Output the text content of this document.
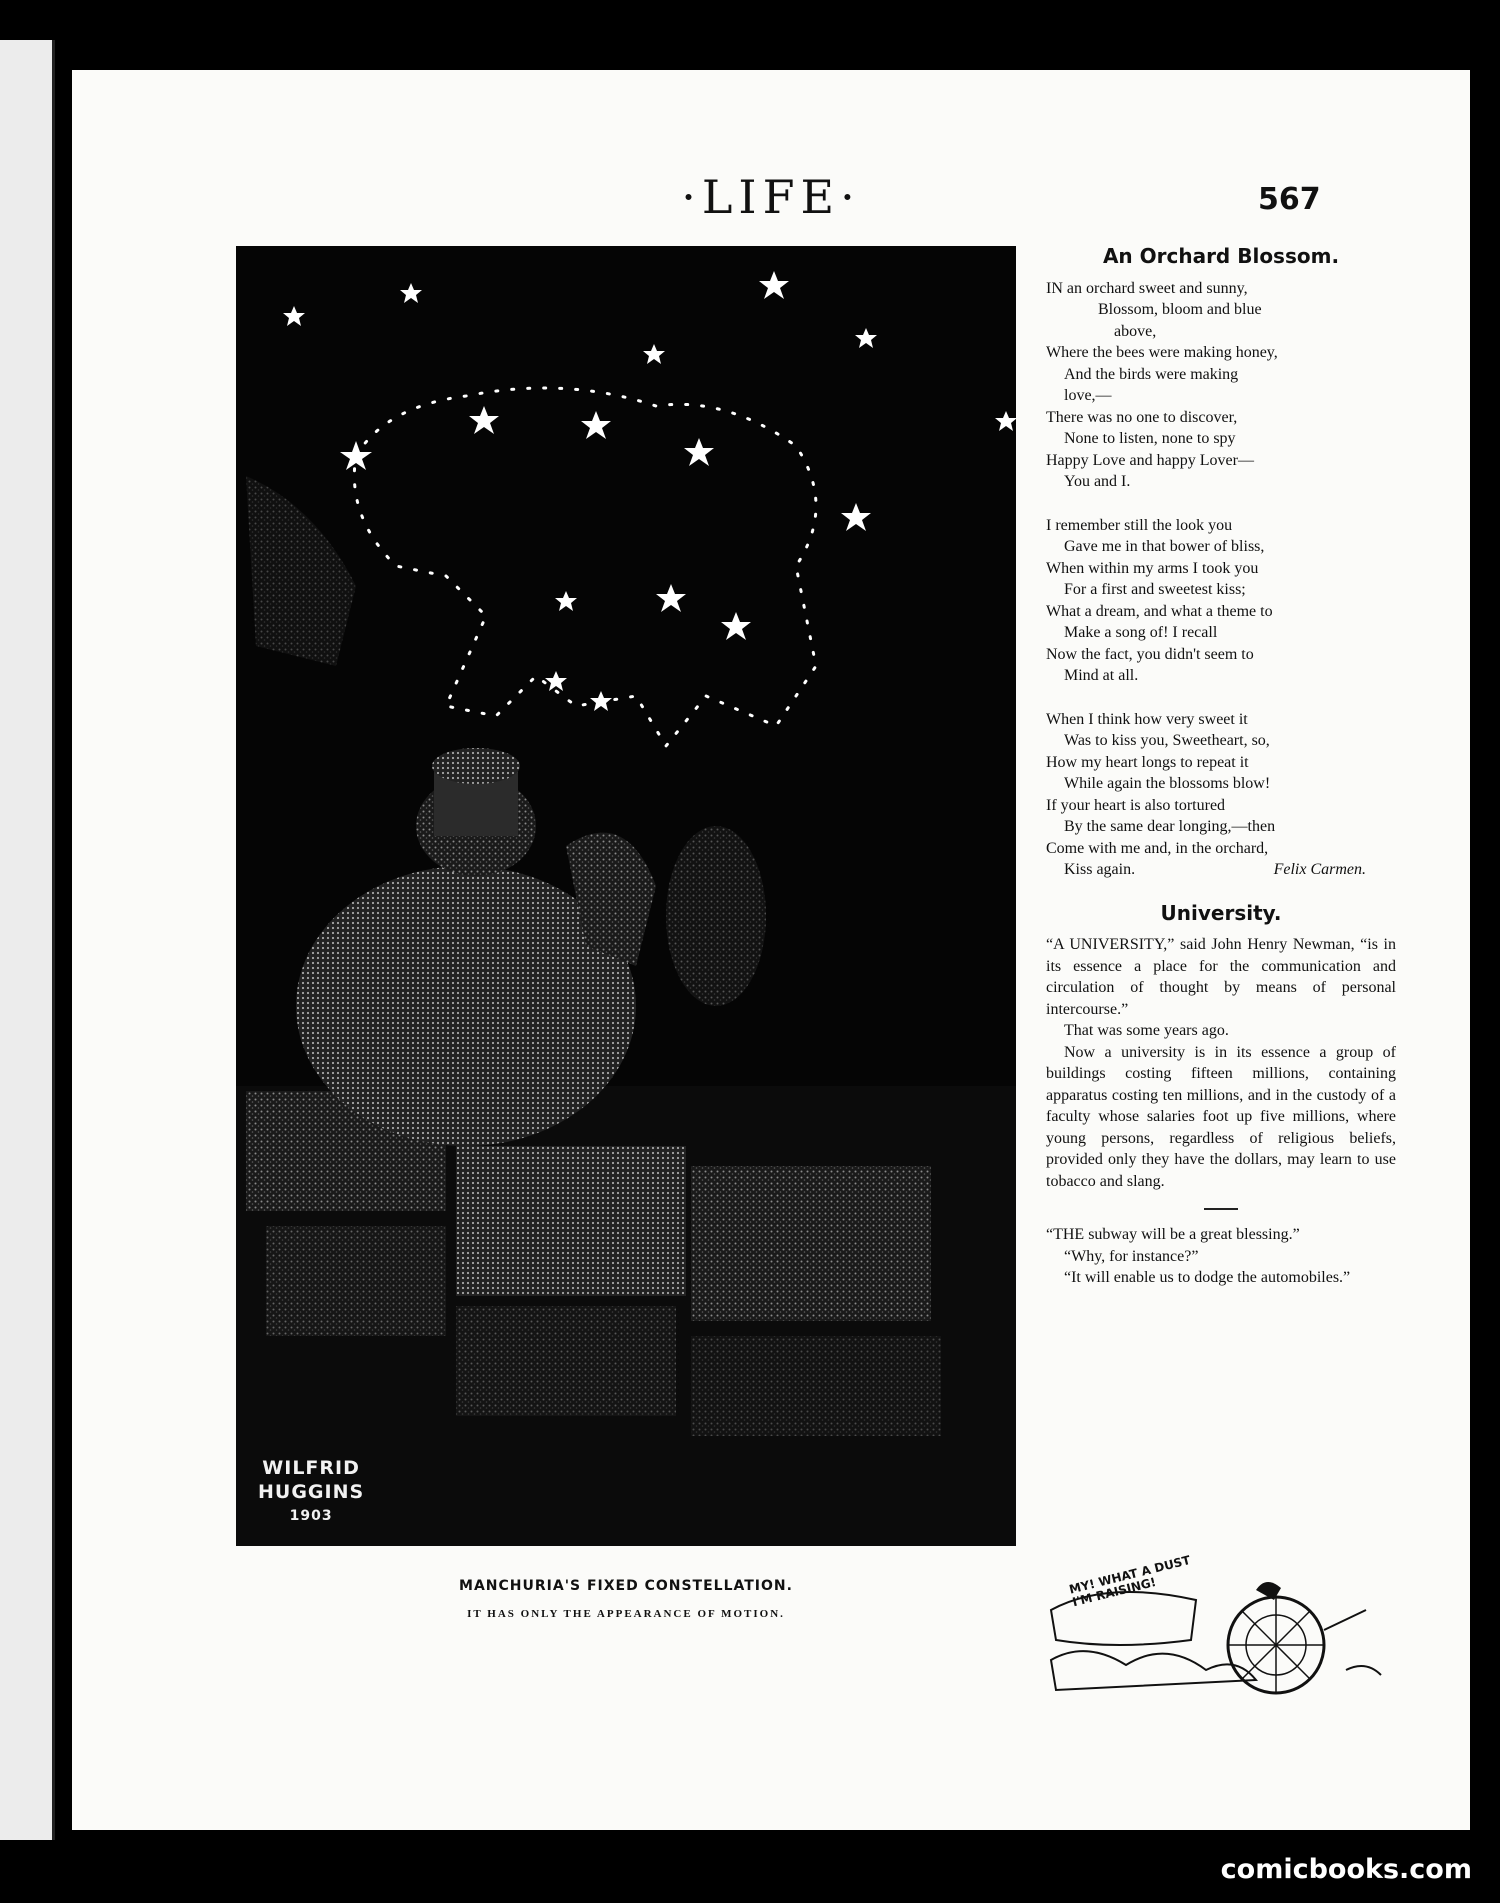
·LIFE·	567
WILFRID
HUGGINS
1903
MANCHURIA'S FIXED CONSTELLATION.
IT HAS ONLY THE APPEARANCE OF MOTION.
An Orchard Blossom.
IN an orchard sweet and sunny,
Blossom, bloom and blue
above,
Where the bees were making honey,
And the birds were making
love,—
There was no one to discover,
None to listen, none to spy
Happy Love and happy Lover—
You and I.
I remember still the look you
Gave me in that bower of bliss,
When within my arms I took you
For a first and sweetest kiss;
What a dream, and what a theme to
Make a song of! I recall
Now the fact, you didn't seem to
Mind at all.
When I think how very sweet it
Was to kiss you, Sweetheart, so,
How my heart longs to repeat it
While again the blossoms blow!
If your heart is also tortured
By the same dear longing,—then
Come with me and, in the orchard,
Kiss again.	Felix Carmen.
University.

“A UNIVERSITY,” said John Henry Newman, “is in its essence a place for the communication and circulation of thought by means of personal intercourse.”

That was some years ago.

Now a university is in its essence a group of buildings costing fifteen millions, containing apparatus costing ten millions, and in the custody of a faculty whose salaries foot up five millions, where young persons, regardless of religious beliefs, provided only they have the dollars, may learn to use tobacco and slang.

“THE subway will be a great blessing.”

“Why, for instance?”

“It will enable us to dodge the automobiles.”

MY! WHAT A DUST I'M RAISING!
comicbooks.com
